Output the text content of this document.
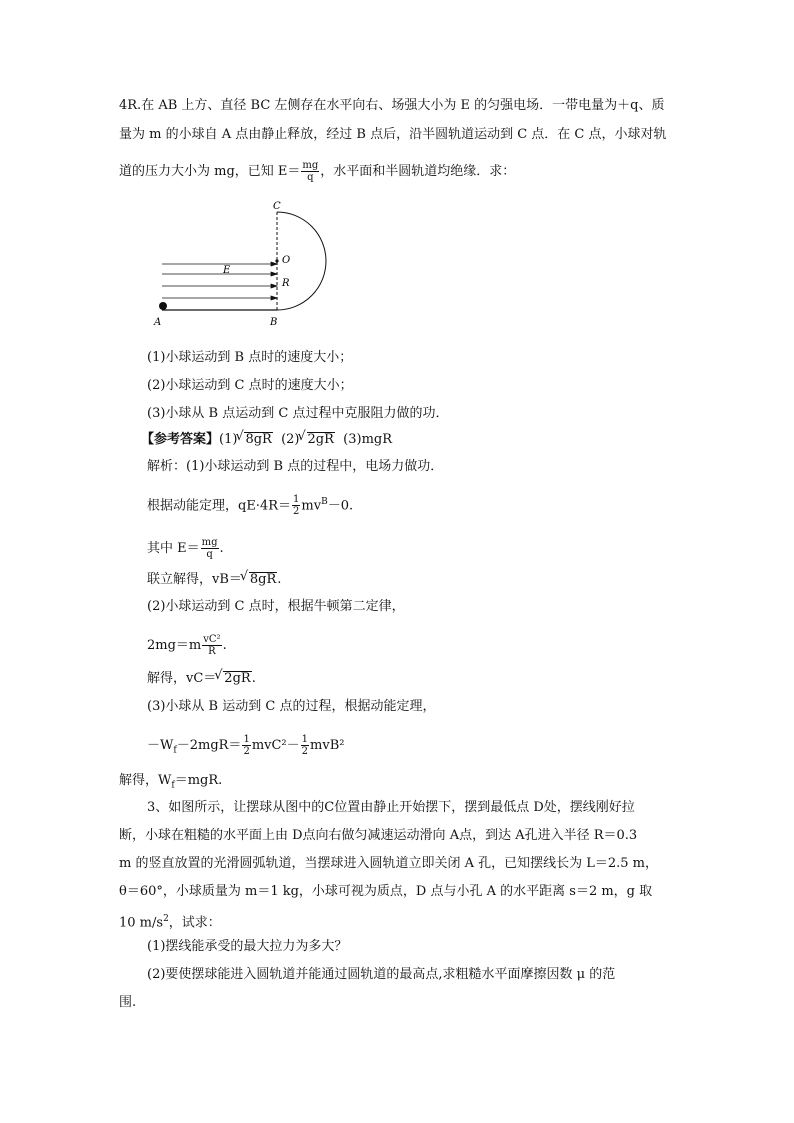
4R.在 AB 上方、直径 BC 左侧存在水平向右、场强大小为 E 的匀强电场．一带电量为＋q、质
量为 m 的小球自 A 点由静止释放，经过 B 点后，沿半圆轨道运动到 C 点．在 C 点，小球对轨
道的压力大小为 mg，已知 $E= \frac{mg}{q}$ ，水平面和半圆轨道均绝缘．求：
C
O
E
R
A	B
(1)小球运动到 B 点时的速度大小；
(2)小球运动到 C 点时的速度大小；
(3)小球从 B 点运动到 C 点过程中克服阻力做的功．
【参考答案】(1) √ 8gR (2) √ 2gR (3)mgR
解析：(1)小球运动到 B 点的过程中，电场力做功．
根据动能定理，$qE\cdot 4R= \frac{1}{2} mv^B-0$.
其中 $E= \frac{mg}{q}$ .
联立解得，vB＝ √ 8gR.
(2)小球运动到 C 点时，根据牛顿第二定律，
$2mg=m \frac{\text{vC²}}{R}$ .
解得，vC＝ √ 2gR.
(3)小球从 B 运动到 C 点的过程，根据动能定理，
$-W_f-2mgR= \frac{1}{2} mvC^2- \frac{1}{2} mvB^2$
解得，$W_f=mgR$.
3、如图所示，让摆球从图中的C位置由静止开始摆下，摆到最低点 D处，摆线刚好拉
断，小球在粗糙的水平面上由 D点向右做匀减速运动滑向 A点，到达 A孔进入半径 R＝0.3
m 的竖直放置的光滑圆弧轨道，当摆球进入圆轨道立即关闭 A 孔，已知摆线长为 L＝2.5 m，
θ＝60°，小球质量为 m＝1 kg，小球可视为质点，D 点与小孔 A 的水平距离 s＝2 m，g 取
10 $m/s^2$，试求：
(1)摆线能承受的最大拉力为多大？
(2)要使摆球能进入圆轨道并能通过圆轨道的最高点,求粗糙水平面摩擦因数 μ 的范
围.
